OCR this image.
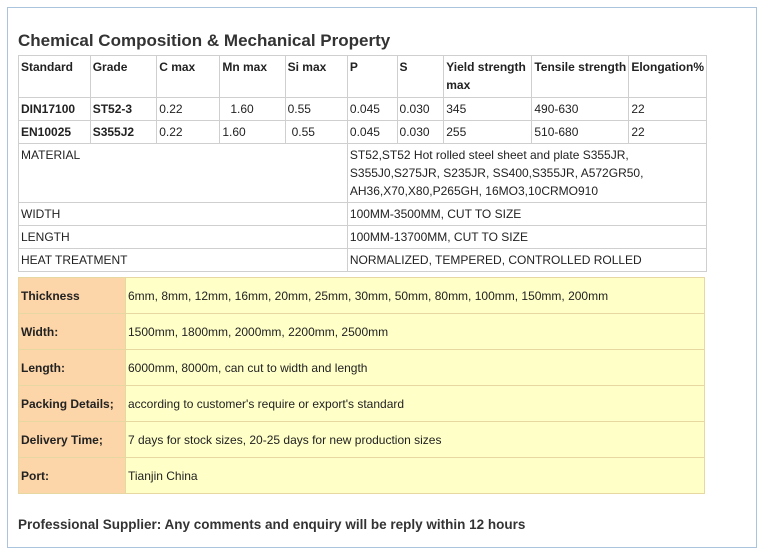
Chemical Composition & Mechanical Property
Standard	Grade	C max	Mn max	Si max	P	S	Yield strength max	Tensile strength	Elongation%
DIN17100	ST52-3	0.22	1.60	0.55	0.045	0.030	345	490-630	22
EN10025	S355J2	0.22	1.60	0.55	0.045	0.030	255	510-680	22
MATERIAL					ST52,ST52 Hot rolled steel sheet and plate S355JR, S355J0,S275JR, S235JR, SS400,S355JR, A572GR50, AH36,X70,X80,P265GH, 16MO3,10CRMO910				
WIDTH					100MM-3500MM, CUT TO SIZE				
LENGTH					100MM-13700MM, CUT TO SIZE				
HEAT TREATMENT					NORMALIZED, TEMPERED, CONTROLLED ROLLED				
Thickness	6mm, 8mm, 12mm, 16mm, 20mm, 25mm, 30mm, 50mm, 80mm, 100mm, 150mm, 200mm
Width:	1500mm, 1800mm, 2000mm, 2200mm, 2500mm
Length:	6000mm, 8000m, can cut to width and length
Packing Details;	according to customer's require or export's standard
Delivery Time;	7 days for stock sizes, 20-25 days for new production sizes
Port:	Tianjin China
Professional Supplier: Any comments and enquiry will be reply within 12 hours
